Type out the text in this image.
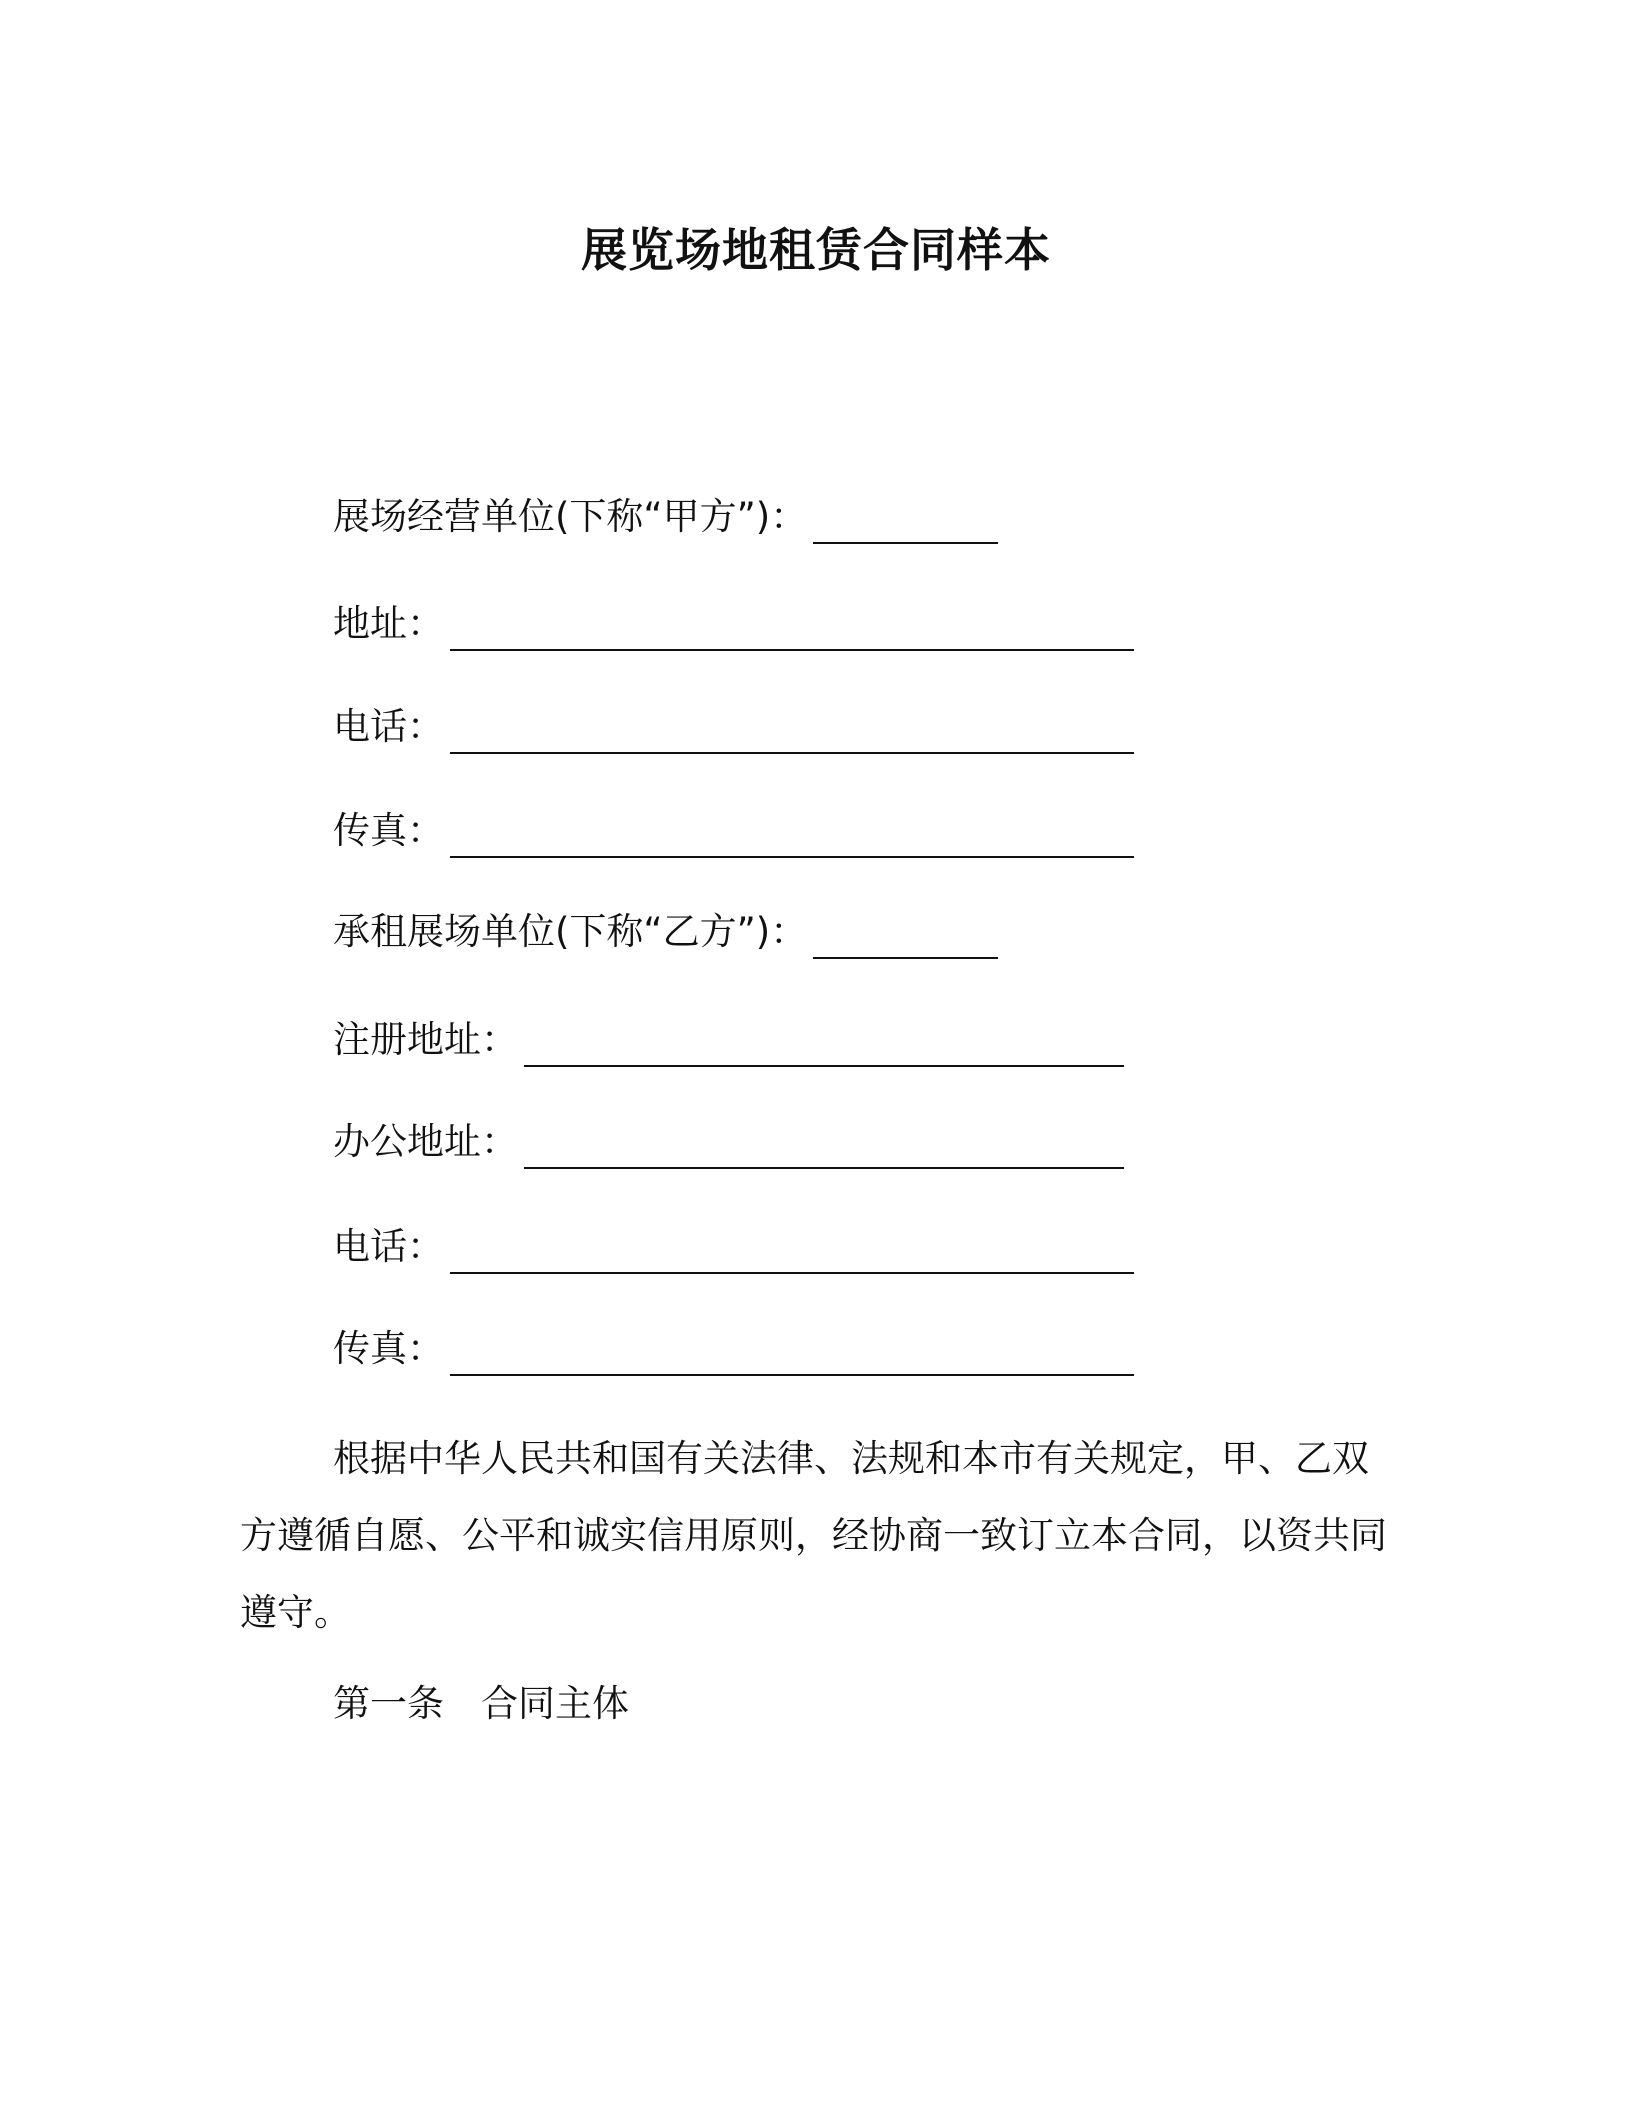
展览场地租赁合同样本
展场经营单位(下称“甲方”)：
地址：
电话：
传真：
承租展场单位(下称“乙方”)：
注册地址：
办公地址：
电话：
传真：

根据中华人民共和国有关法律、法规和本市有关规定，甲、乙双方遵循自愿、公平和诚实信用原则，经协商一致订立本合同，以资共同遵守。

第一条　合同主体
